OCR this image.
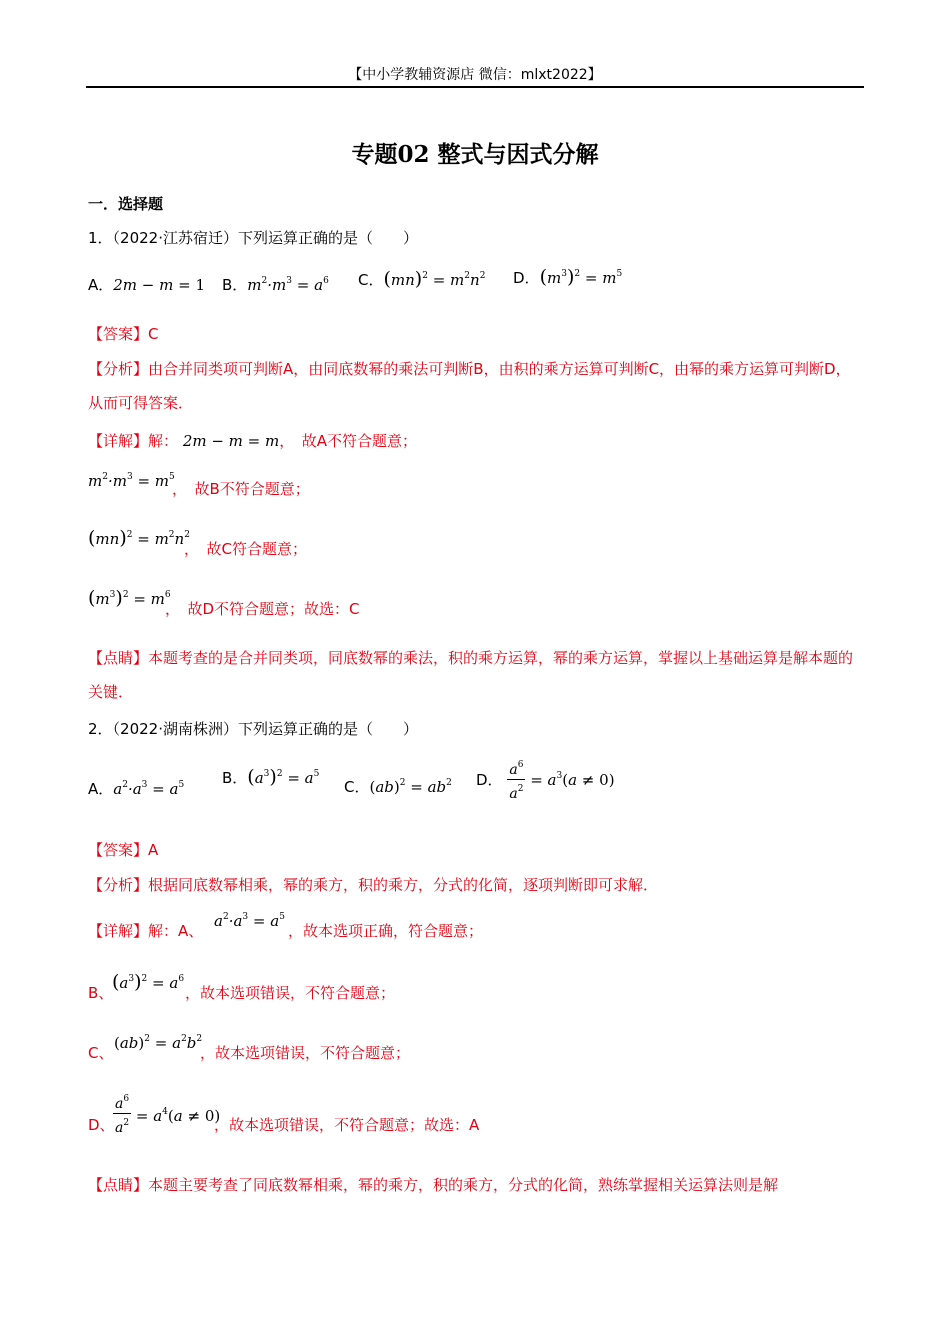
【中小学教辅资源店 微信：mlxt2022】
专题02 整式与因式分解
一．选择题
1．（2022·江苏宿迁）下列运算正确的是（　　）
A．2m − m = 1 B．$m^2\cdot m^3 = a^6$ C．$(mn)^2 = m^2n^2$ D．$(m^3)^2 = m^5$
【答案】C
【分析】由合并同类项可判断A，由同底数幂的乘法可判断B，由积的乘方运算可判断C，由幂的乘方运算可判断D，从而可得答案．
【详解】解： 2m − m = m，　故A不符合题意；
$m^2\cdot m^3 = m^5$
，　故B不符合题意；
$(mn)^2 = m^2n^2$
，　故C符合题意；
$(m^3)^2 = m^6$
，　故D不符合题意；故选：C
【点睛】本题考查的是合并同类项，同底数幂的乘法，积的乘方运算，幂的乘方运算，掌握以上基础运算是解本题的关键．
2．（2022·湖南株洲）下列运算正确的是（　　）
A．$a^2\cdot a^3 = a^5$	B．$(a^3)^2 = a^5$
C．$(ab)^2 = ab^2$ D． $\frac{a^6}{a^2} = a^3(a \ne 0)$
【答案】A
【分析】根据同底数幂相乘，幂的乘方，积的乘方，分式的化简，逐项判断即可求解．
【详解】解：A、
$a^2\cdot a^3 = a^5$
，故本选项正确，符合题意；
B、
$(a^3)^2 = a^6$
，故本选项错误，不符合题意；
C、
$(ab)^2 = a^2b^2$
，故本选项错误，不符合题意；
D、
$\frac{a^6}{a^2} = a^4(a \ne 0)$
，故本选项错误，不符合题意；故选：A
【点睛】本题主要考查了同底数幂相乘，幂的乘方，积的乘方，分式的化简，熟练掌握相关运算法则是解
